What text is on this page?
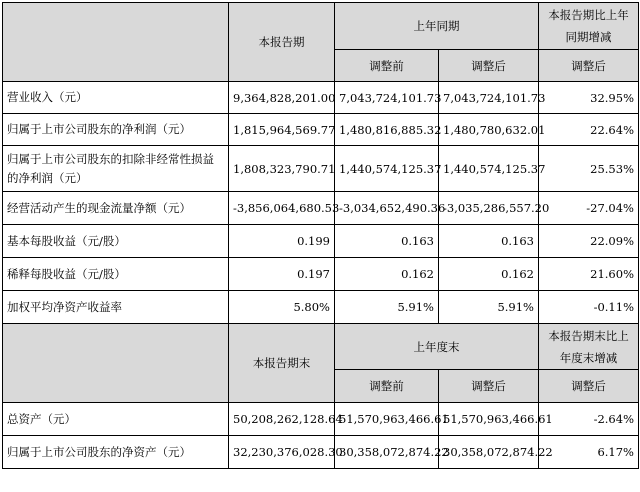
	本报告期	上年同期		本报告期比上年同期增减
		调整前	调整后	调整后
营业收入（元）	9,364,828,201.00	7,043,724,101.73	7,043,724,101.73	32.95%
归属于上市公司股东的净利润（元）	1,815,964,569.77	1,480,816,885.32	1,480,780,632.01	22.64%
归属于上市公司股东的扣除非经常性损益的净利润（元）	1,808,323,790.71	1,440,574,125.37	1,440,574,125.37	25.53%
经营活动产生的现金流量净额（元）	-3,856,064,680.53	-3,034,652,490.36	-3,035,286,557.20	-27.04%
基本每股收益（元/股）	0.199	0.163	0.163	22.09%
稀释每股收益（元/股）	0.197	0.162	0.162	21.60%
加权平均净资产收益率	5.80%	5.91%	5.91%	-0.11%
	本报告期末	上年度末		本报告期末比上年度末增减
		调整前	调整后	调整后
总资产（元）	50,208,262,128.64	51,570,963,466.61	51,570,963,466.61	-2.64%
归属于上市公司股东的净资产（元）	32,230,376,028.30	30,358,072,874.22	30,358,072,874.22	6.17%
